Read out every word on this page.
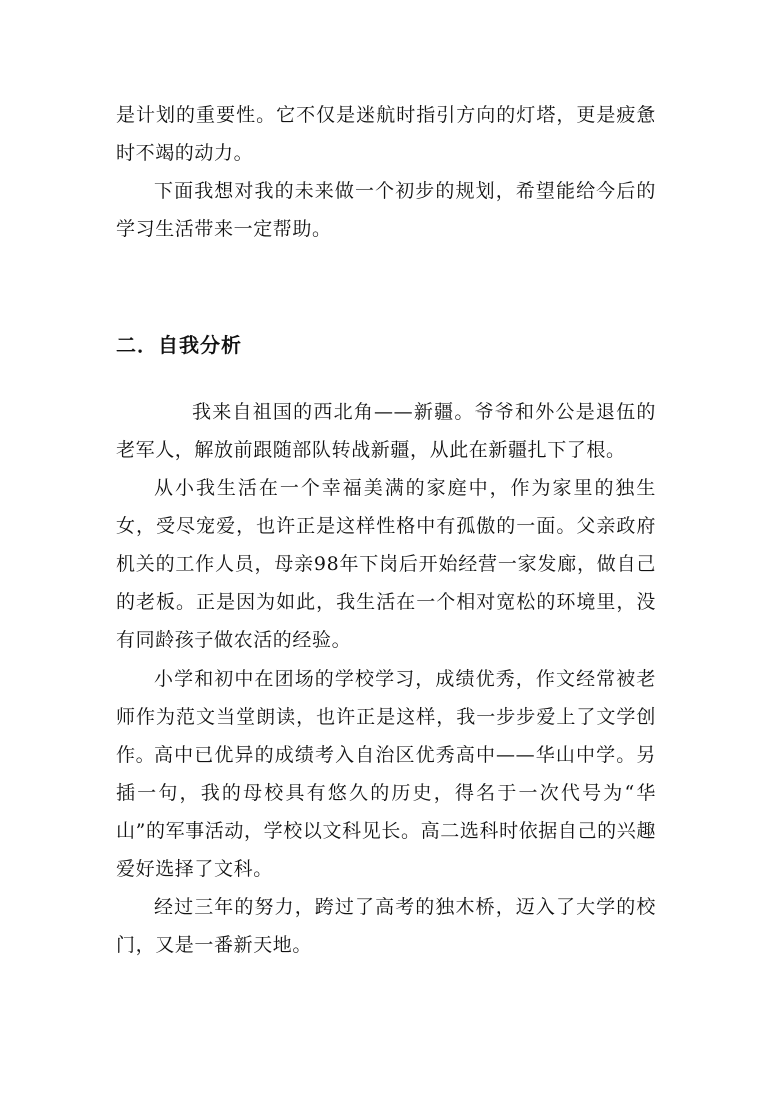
是计划的重要性。它不仅是迷航时指引方向的灯塔，更是疲惫时不竭的动力。

下面我想对我的未来做一个初步的规划，希望能给今后的学习生活带来一定帮助。

二．自我分析

我来自祖国的西北角——新疆。爷爷和外公是退伍的老军人，解放前跟随部队转战新疆，从此在新疆扎下了根。

从小我生活在一个幸福美满的家庭中，作为家里的独生女，受尽宠爱，也许正是这样性格中有孤傲的一面。父亲政府机关的工作人员，母亲98年下岗后开始经营一家发廊，做自己的老板。正是因为如此，我生活在一个相对宽松的环境里，没有同龄孩子做农活的经验。

小学和初中在团场的学校学习，成绩优秀，作文经常被老师作为范文当堂朗读，也许正是这样，我一步步爱上了文学创作。

高中已优异的成绩考入自治区优秀高中——华山中学。另插一句，我的母校具有悠久的历史，得名于一次代号为“华山”的军事活动，学校以文科见长。高二选科时依据自己的兴趣爱好选择了文科。

经过三年的努力，跨过了高考的独木桥，迈入了大学的校门，又是一番新天地。
